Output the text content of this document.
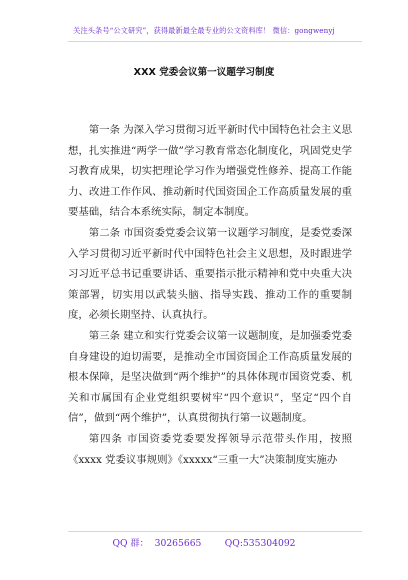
关注头条号“公文研究”，获得最新最全最专业的公文资料库！ 微信：gongwenyj
XXX 党委会议第一议题学习制度

第一条 为深入学习贯彻习近平新时代中国特色社会主义思想，扎实推进“两学一做”学习教育常态化制度化，巩固党史学习教育成果，切实把理论学习作为增强党性修养、提高工作能力、改进工作作风、推动新时代国资国企工作高质量发展的重要基础，结合本系统实际，制定本制度。

第二条 市国资委党委会议第一议题学习制度，是委党委深入学习贯彻习近平新时代中国特色社会主义思想，及时跟进学习习近平总书记重要讲话、重要指示批示精神和党中央重大决策部署，切实用以武装头脑、指导实践、推动工作的重要制度，必须长期坚持、认真执行。

第三条 建立和实行党委会议第一议题制度，是加强委党委自身建设的迫切需要，是推动全市国资国企工作高质量发展的根本保障，是坚决做到“两个维护”的具体体现市国资党委、机关和市属国有企业党组织要树牢“四个意识”，坚定“四个自信”，做到“两个维护”，认真贯彻执行第一议题制度。

第四条 市国资委党委要发挥领导示范带头作用，按照《xxxx 党委议事规则》《xxxxx“三重一大”决策制度实施办

QQ 群：  30265665        QQ:535304092
